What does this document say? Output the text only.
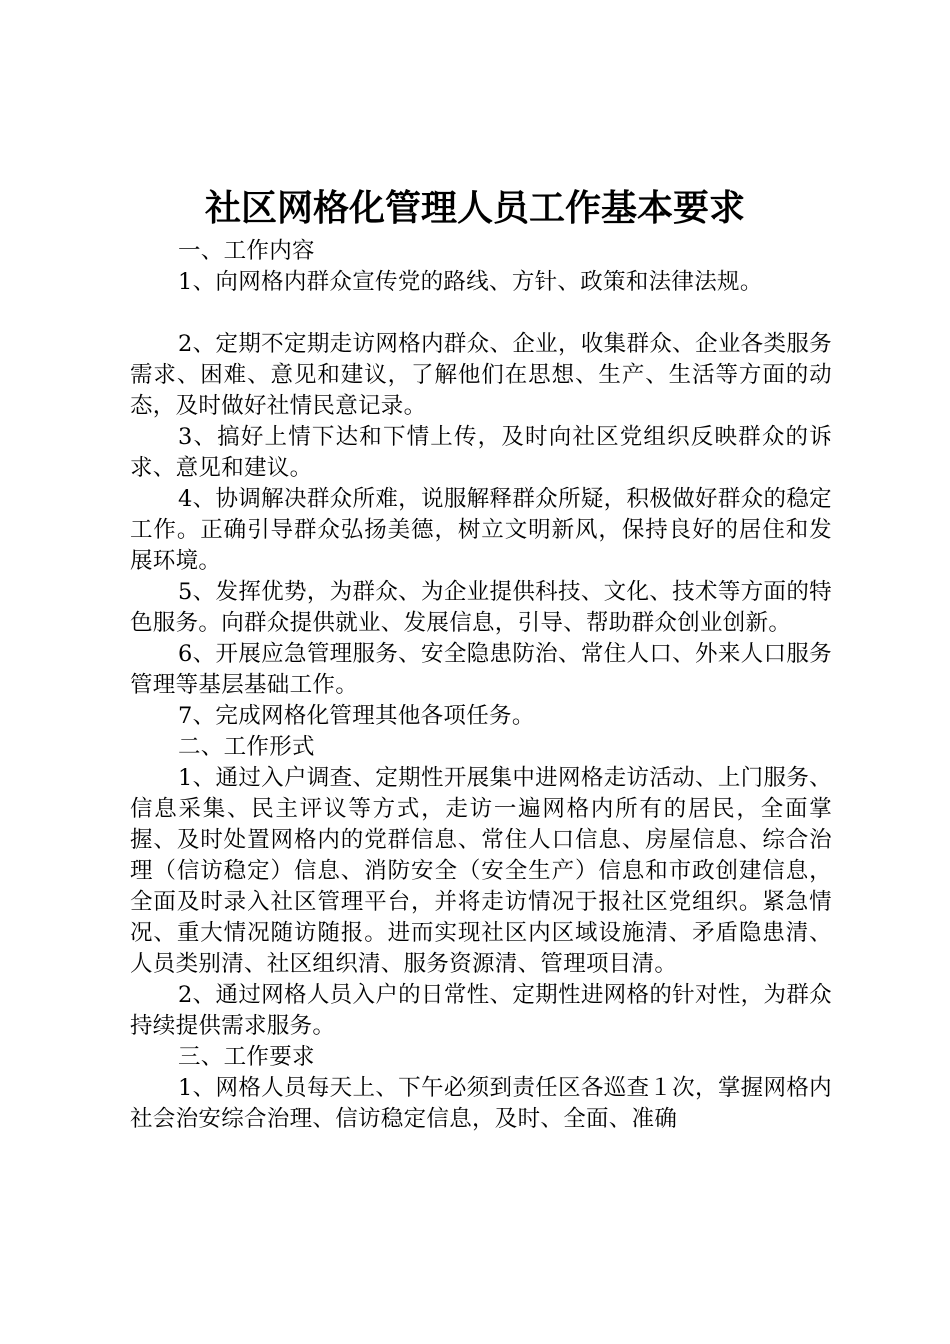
社区网格化管理人员工作基本要求

一、工作内容

1、向网格内群众宣传党的路线、方针、政策和法律法规。

2、定期不定期走访网格内群众、企业，收集群众、企业各类服务需求、困难、意见和建议，了解他们在思想、生产、生活等方面的动态，及时做好社情民意记录。

3、搞好上情下达和下情上传，及时向社区党组织反映群众的诉求、意见和建议。

4、协调解决群众所难，说服解释群众所疑，积极做好群众的稳定工作。正确引导群众弘扬美德，树立文明新风，保持良好的居住和发展环境。

5、发挥优势，为群众、为企业提供科技、文化、技术等方面的特色服务。向群众提供就业、发展信息，引导、帮助群众创业创新。

6、开展应急管理服务、安全隐患防治、常住人口、外来人口服务管理等基层基础工作。

7、完成网格化管理其他各项任务。

二、工作形式

1、通过入户调查、定期性开展集中进网格走访活动、上门服务、信息采集、民主评议等方式，走访一遍网格内所有的居民，全面掌握、及时处置网格内的党群信息、常住人口信息、房屋信息、综合治理（信访稳定）信息、消防安全（安全生产）信息和市政创建信息，全面及时录入社区管理平台，并将走访情况于报社区党组织。紧急情况、重大情况随访随报。进而实现社区内区域设施清、矛盾隐患清、人员类别清、社区组织清、服务资源清、管理项目清。

2、通过网格人员入户的日常性、定期性进网格的针对性，为群众持续提供需求服务。

三、工作要求

1、网格人员每天上、下午必须到责任区各巡查１次，掌握网格内社会治安综合治理、信访稳定信息，及时、全面、准确
